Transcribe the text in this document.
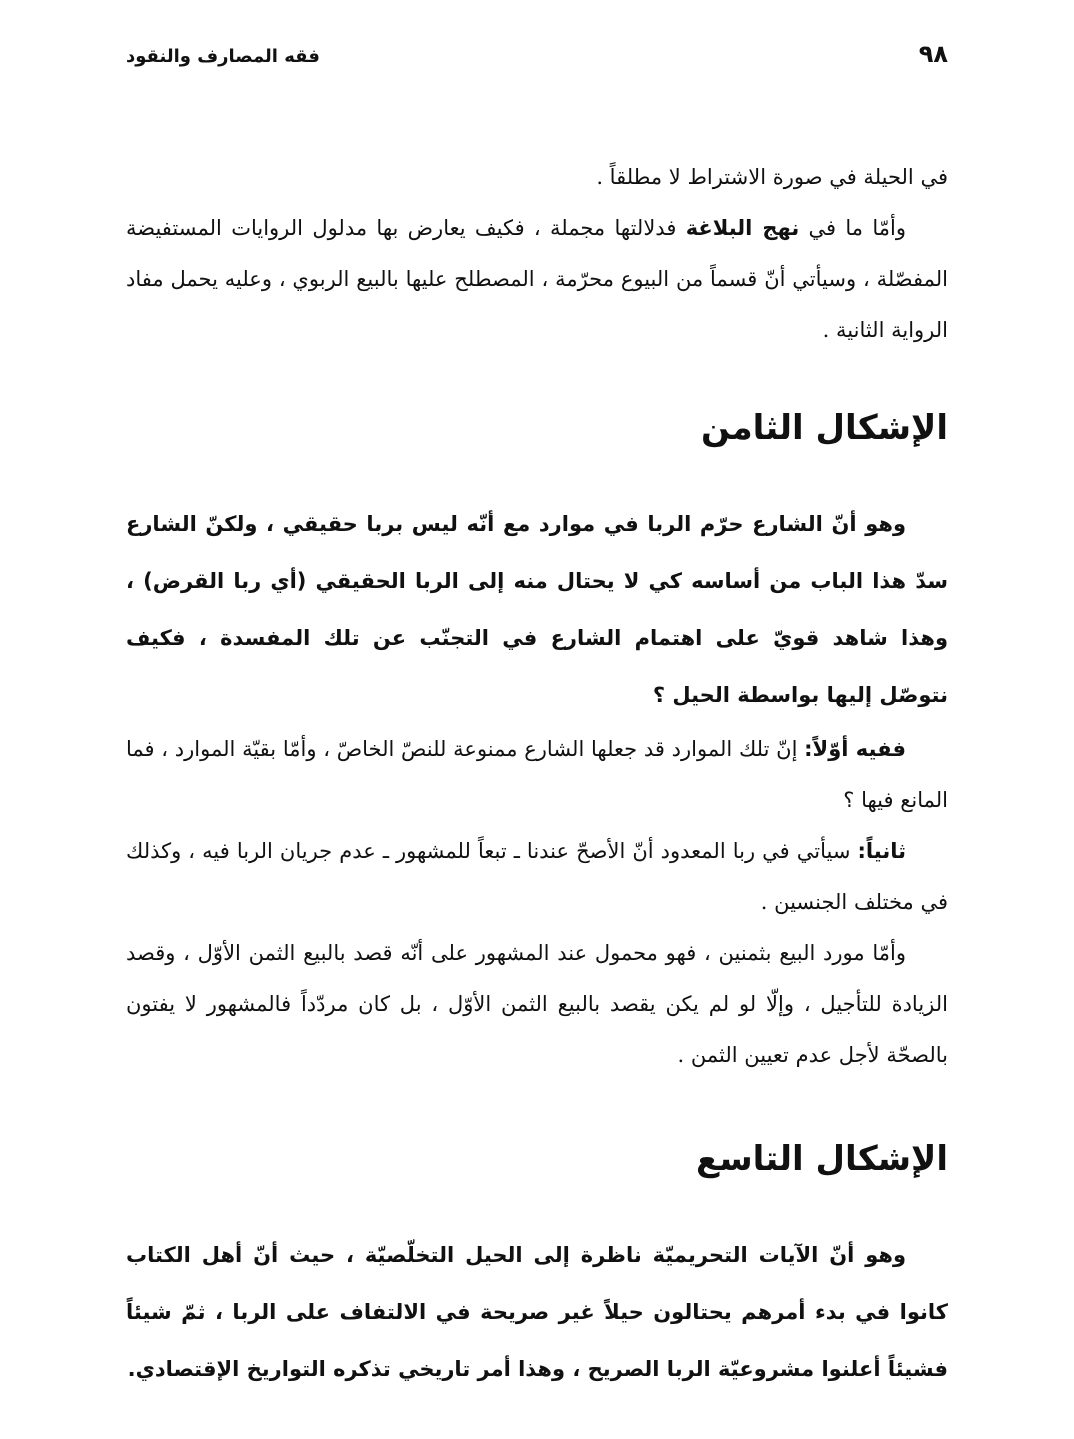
٩٨
فقه المصارف والنقود

في الحيلة في صورة الاشتراط لا مطلقاً .

وأمّا ما في نهج البلاغة فدلالتها مجملة ، فكيف يعارض بها مدلول الروايات المستفيضة المفصّلة ، وسيأتي أنّ قسماً من البيوع محرّمة ، المصطلح عليها بالبيع الربوي ، وعليه يحمل مفاد الرواية الثانية .

الإشكال الثامن

وهو أنّ الشارع حرّم الربا في موارد مع أنّه ليس بربا حقيقي ، ولكنّ الشارع سدّ هذا الباب من أساسه كي لا يحتال منه إلى الربا الحقيقي (أي ربا القرض) ، وهذا شاهد قويّ على اهتمام الشارع في التجنّب عن تلك المفسدة ، فكيف نتوصّل إليها بواسطة الحيل ؟

ففيه أوّلاً: إنّ تلك الموارد قد جعلها الشارع ممنوعة للنصّ الخاصّ ، وأمّا بقيّة الموارد ، فما المانع فيها ؟

ثانياً: سيأتي في ربا المعدود أنّ الأصحّ عندنا ـ تبعاً للمشهور ـ عدم جريان الربا فيه ، وكذلك في مختلف الجنسين .

وأمّا مورد البيع بثمنين ، فهو محمول عند المشهور على أنّه قصد بالبيع الثمن الأوّل ، وقصد الزيادة للتأجيل ، وإلّا لو لم يكن يقصد بالبيع الثمن الأوّل ، بل كان مردّداً فالمشهور لا يفتون بالصحّة لأجل عدم تعيين الثمن .

الإشكال التاسع

وهو أنّ الآيات التحريميّة ناظرة إلى الحيل التخلّصيّة ، حيث أنّ أهل الكتاب كانوا في بدء أمرهم يحتالون حيلاً غير صريحة في الالتفاف على الربا ، ثمّ شيئاً فشيئاً أعلنوا مشروعيّة الربا الصريح ، وهذا أمر تاريخي تذكره التواريخ الإقتصادي.
